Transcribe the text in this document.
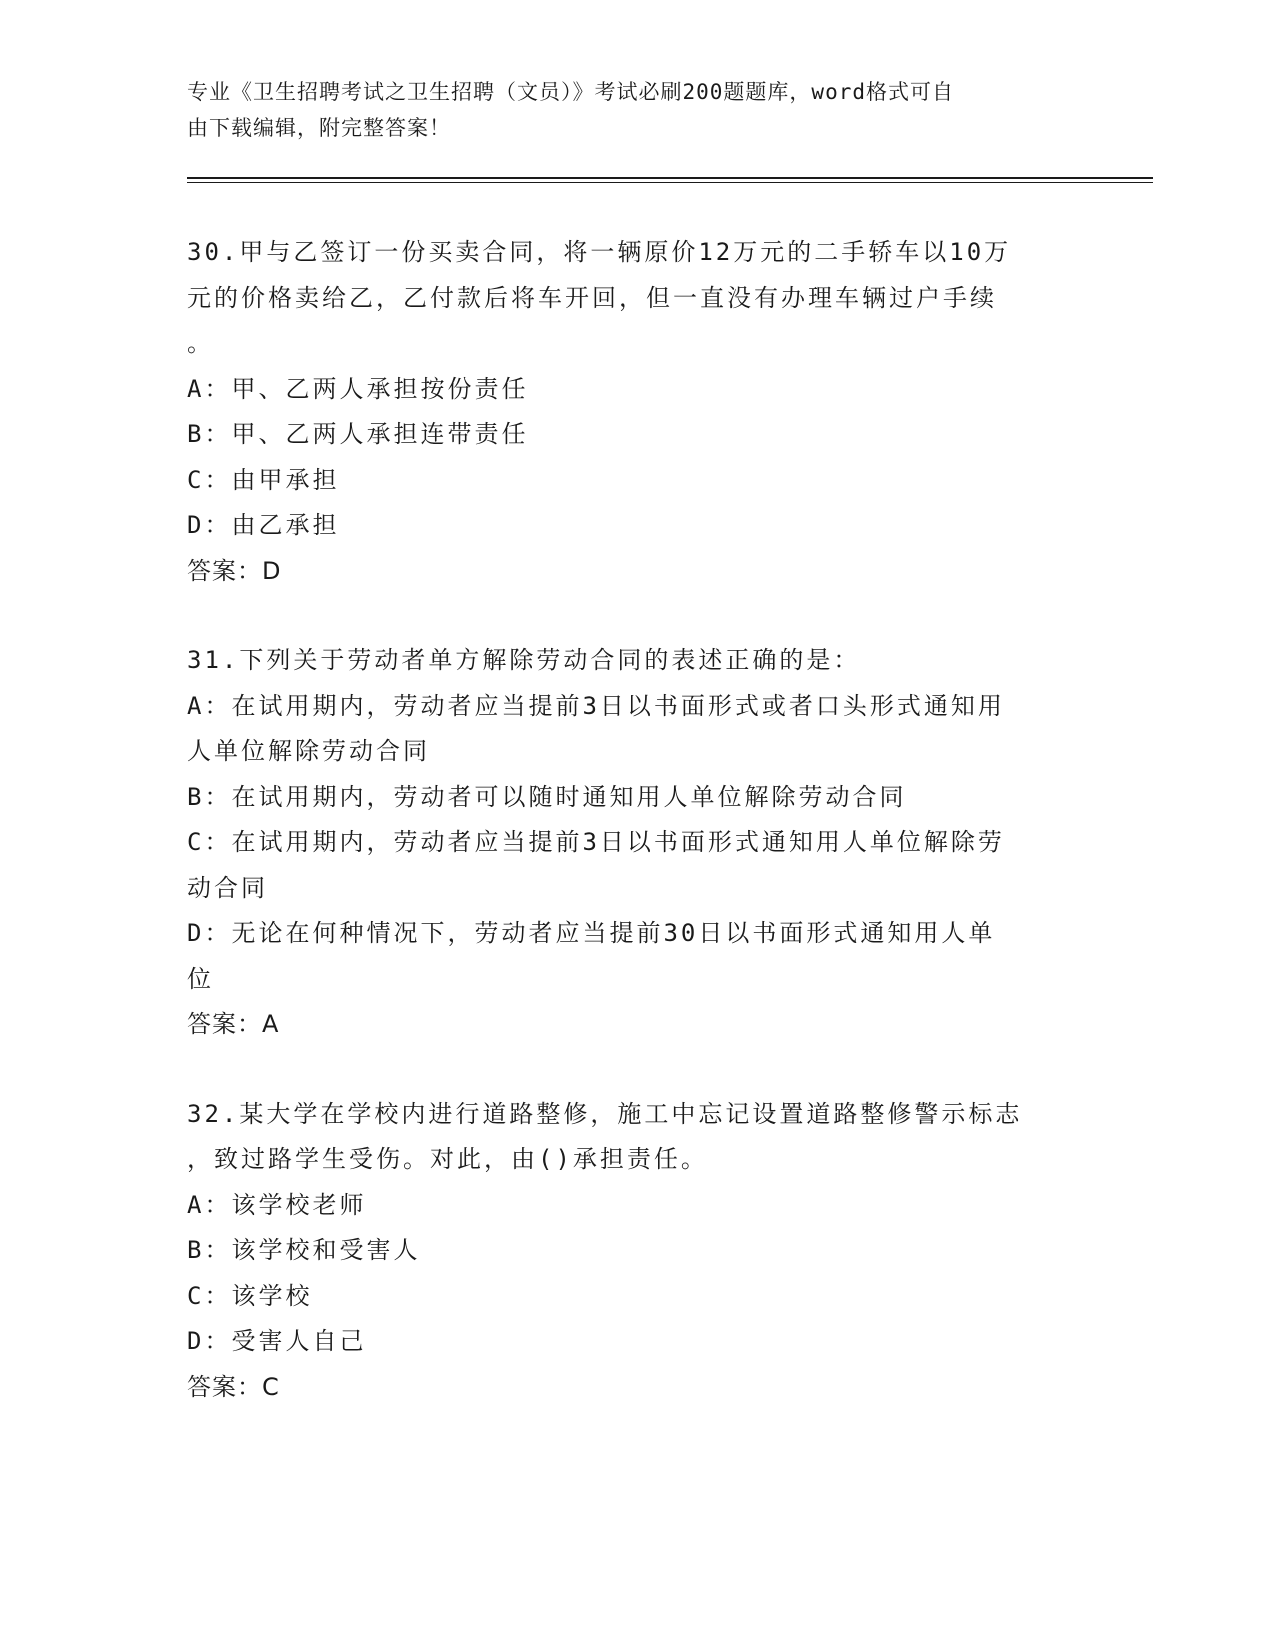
专业《卫生招聘考试之卫生招聘（文员）》考试必刷200题题库，word格式可自
由下载编辑，附完整答案！
30.甲与乙签订一份买卖合同，将一辆原价12万元的二手轿车以10万
元的价格卖给乙，乙付款后将车开回，但一直没有办理车辆过户手续
。
A：甲、乙两人承担按份责任
B：甲、乙两人承担连带责任
C：由甲承担
D：由乙承担
答案：D
31.下列关于劳动者单方解除劳动合同的表述正确的是：
A：在试用期内，劳动者应当提前3日以书面形式或者口头形式通知用
人单位解除劳动合同
B：在试用期内，劳动者可以随时通知用人单位解除劳动合同
C：在试用期内，劳动者应当提前3日以书面形式通知用人单位解除劳
动合同
D：无论在何种情况下，劳动者应当提前30日以书面形式通知用人单
位
答案：A
32.某大学在学校内进行道路整修，施工中忘记设置道路整修警示标志
，致过路学生受伤。对此，由()承担责任。
A：该学校老师
B：该学校和受害人
C：该学校
D：受害人自己
答案：C
